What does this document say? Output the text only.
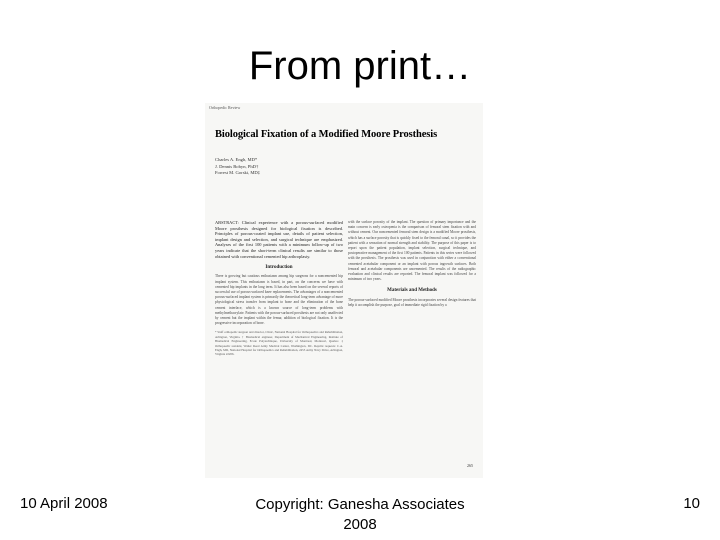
From print…
Orthopedic Review
Biological Fixation of a Modified Moore Prosthesis
Charles A. Engh, MD*
J. Dennis Bobyn, PhD†
Forrest M. Gorski, MD‡

ABSTRACT: Clinical experience with a porous-surfaced modified Moore prosthesis designed for biological fixation is described. Principles of porous-coated implant use, details of patient selection, implant design and selection, and surgical technique are emphasized. Analyses of the first 100 patients with a minimum follow-up of two years indicate that the short-term clinical results are similar to those obtained with conventional cemented hip arthroplasty.

Introduction

There is growing but cautious enthusiasm among hip surgeons for a noncemented hip implant system. This enthusiasm is based, in part, on the concerns we have with cemented hip implants in the long term. It has also been based on the several reports of successful use of porous-surfaced knee replacements. The advantages of a noncemented porous-surfaced implant system is primarily the theoretical long-term advantage of more physiological stress transfer from implant to bone and the elimination of the bone cement interface, which is a known source of long-term problems with methylmethacrylate. Patients with the porous-surfaced prosthesis are not only unaffected by cement but the implant within the femur, addition of biological fixation. It is the progressive incorporation of bone.

* Staff orthopedic surgeon and director, Clinic, National Hospital for Orthopaedics and Rehabilitation, Arlington, Virginia. † Biomedical engineer, Department of Mechanical Engineering, Institute of Biomedical Engineering, Ecole Polytechnique, University of Montreal, Montreal, Quebec. ‡ Orthopaedic resident, Walter Reed Army Medical Center, Washington, DC. Reprint requests: C.A. Engh, MD, National Hospital for Orthopaedics and Rehabilitation, 2455 Army Navy Drive, Arlington, Virginia 22206.

with the surface porosity of the implant. The question of primary importance and the main concern is early osteopenia is the comparison of femoral stem fixation with and without cement. Our noncemented femoral stem design is a modified Moore prosthesis, which has a surface porosity that is quickly fixed to the femoral canal, so it provides the patient with a sensation of normal strength and stability. The purpose of this paper is to report upon the patient population, implant selection, surgical technique, and postoperative management of the first 100 patients. Patients in this series were followed with the prosthesis. The prosthesis was used in conjunction with either a conventional cemented acetabular component or an implant with porous ingrowth surfaces. Both femoral and acetabular components are uncemented. The results of the radiographic evaluation and clinical results are reported. The femoral implant was followed for a minimum of two years.

Materials and Methods

The porous-surfaced modified Moore prosthesis incorporates several design features that help it accomplish the purpose, goal of immediate rigid fixation by a

265
10 April 2008	Copyright: Ganesha Associates 2008
10
